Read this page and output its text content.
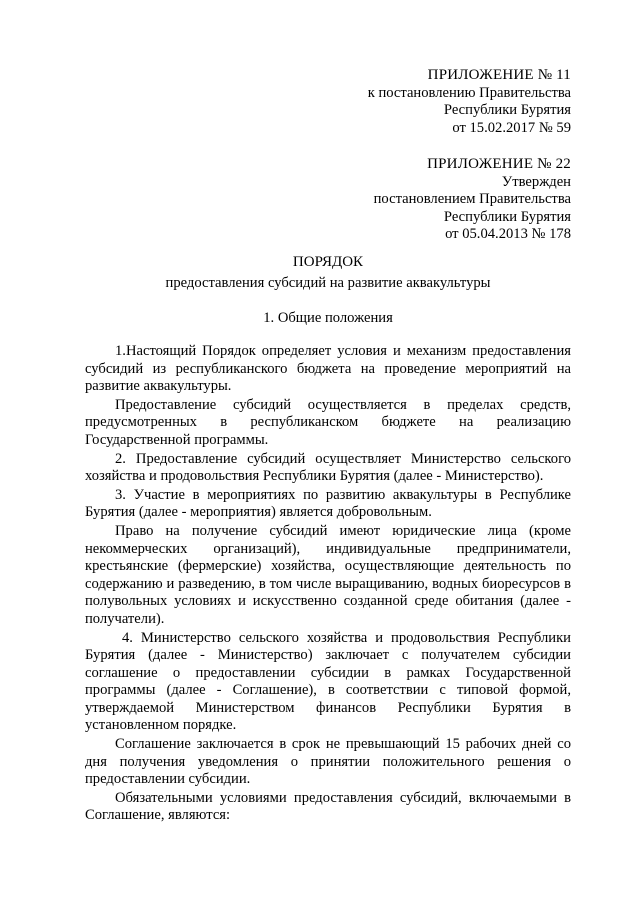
ПРИЛОЖЕНИЕ № 11
к постановлению Правительства
Республики Бурятия
от 15.02.2017 № 59
ПРИЛОЖЕНИЕ № 22
Утвержден
постановлением Правительства
Республики Бурятия
от 05.04.2013 № 178
ПОРЯДОК
предоставления субсидий на развитие аквакультуры
1. Общие положения

1.Настоящий Порядок определяет условия и механизм предоставления субсидий из республиканского бюджета на проведение мероприятий на развитие аквакультуры.

Предоставление субсидий осуществляется в пределах средств, предусмотренных в республиканском бюджете на реализацию Государственной программы.

2. Предоставление субсидий осуществляет Министерство сельского хозяйства и продовольствия Республики Бурятия (далее - Министерство).

3. Участие в мероприятиях по развитию аквакультуры в Республике Бурятия (далее - мероприятия) является добровольным.

Право на получение субсидий имеют юридические лица (кроме некоммерческих организаций), индивидуальные предприниматели, крестьянские (фермерские) хозяйства, осуществляющие деятельность по содержанию и разведению, в том числе выращиванию, водных биоресурсов в полувольных условиях и искусственно созданной среде обитания (далее - получатели).

4. Министерство сельского хозяйства и продовольствия Республики Бурятия (далее - Министерство) заключает с получателем субсидии соглашение о предоставлении субсидии в рамках Государственной программы (далее - Соглашение), в соответствии с типовой формой, утверждаемой Министерством финансов Республики Бурятия в установленном порядке.

Соглашение заключается в срок не превышающий 15 рабочих дней со дня получения уведомления о принятии положительного решения о предоставлении субсидии.

Обязательными условиями предоставления субсидий, включаемыми в Соглашение, являются:
